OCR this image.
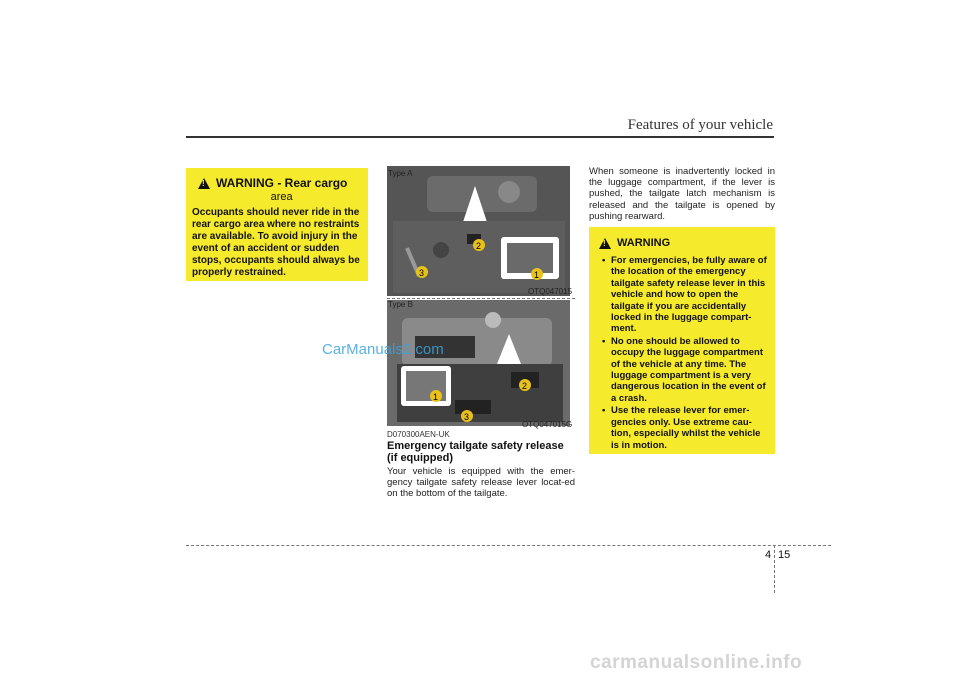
Features of your vehicle
!
WARNING - Rear cargo
area
Occupants should never ride in the rear cargo area where no restraints are available. To avoid injury in the event of an accident or sudden stops, occupants should always be properly restrained.
Type A
OTQ047015
2
1
3
Type B
OTQ047015G
1
2
3
D070300AEN-UK
Emergency tailgate safety release (if equipped)
Your vehicle is equipped with the emer-gency tailgate safety release lever locat-ed on the bottom of the tailgate.
When someone is inadvertently locked in the luggage compartment, if the lever is pushed, the tailgate latch mechanism is released and the tailgate is opened by pushing rearward.
!
WARNING
• For emergencies, be fully aware of the location of the emergency tailgate safety release lever in this vehicle and how to open the tailgate if you are accidentally locked in the luggage compart-ment.
• No one should be allowed to occupy the luggage compartment of the vehicle at any time. The luggage compartment is a very dangerous location in the event of a crash.
• Use the release lever for emer-gencies only. Use extreme cau-tion, especially whilst the vehicle is in motion.
4 15
CarManuals2.com
carmanualsonline.info
